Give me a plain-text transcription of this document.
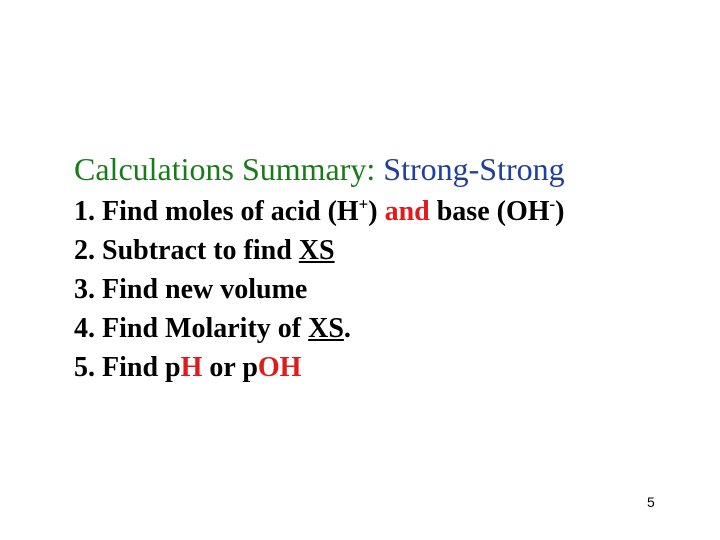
Calculations Summary: Strong-Strong
1. Find moles of acid (H+) and base (OH-)
2. Subtract to find XS
3. Find new volume
4. Find Molarity of XS.
5. Find pH or pOH
5
